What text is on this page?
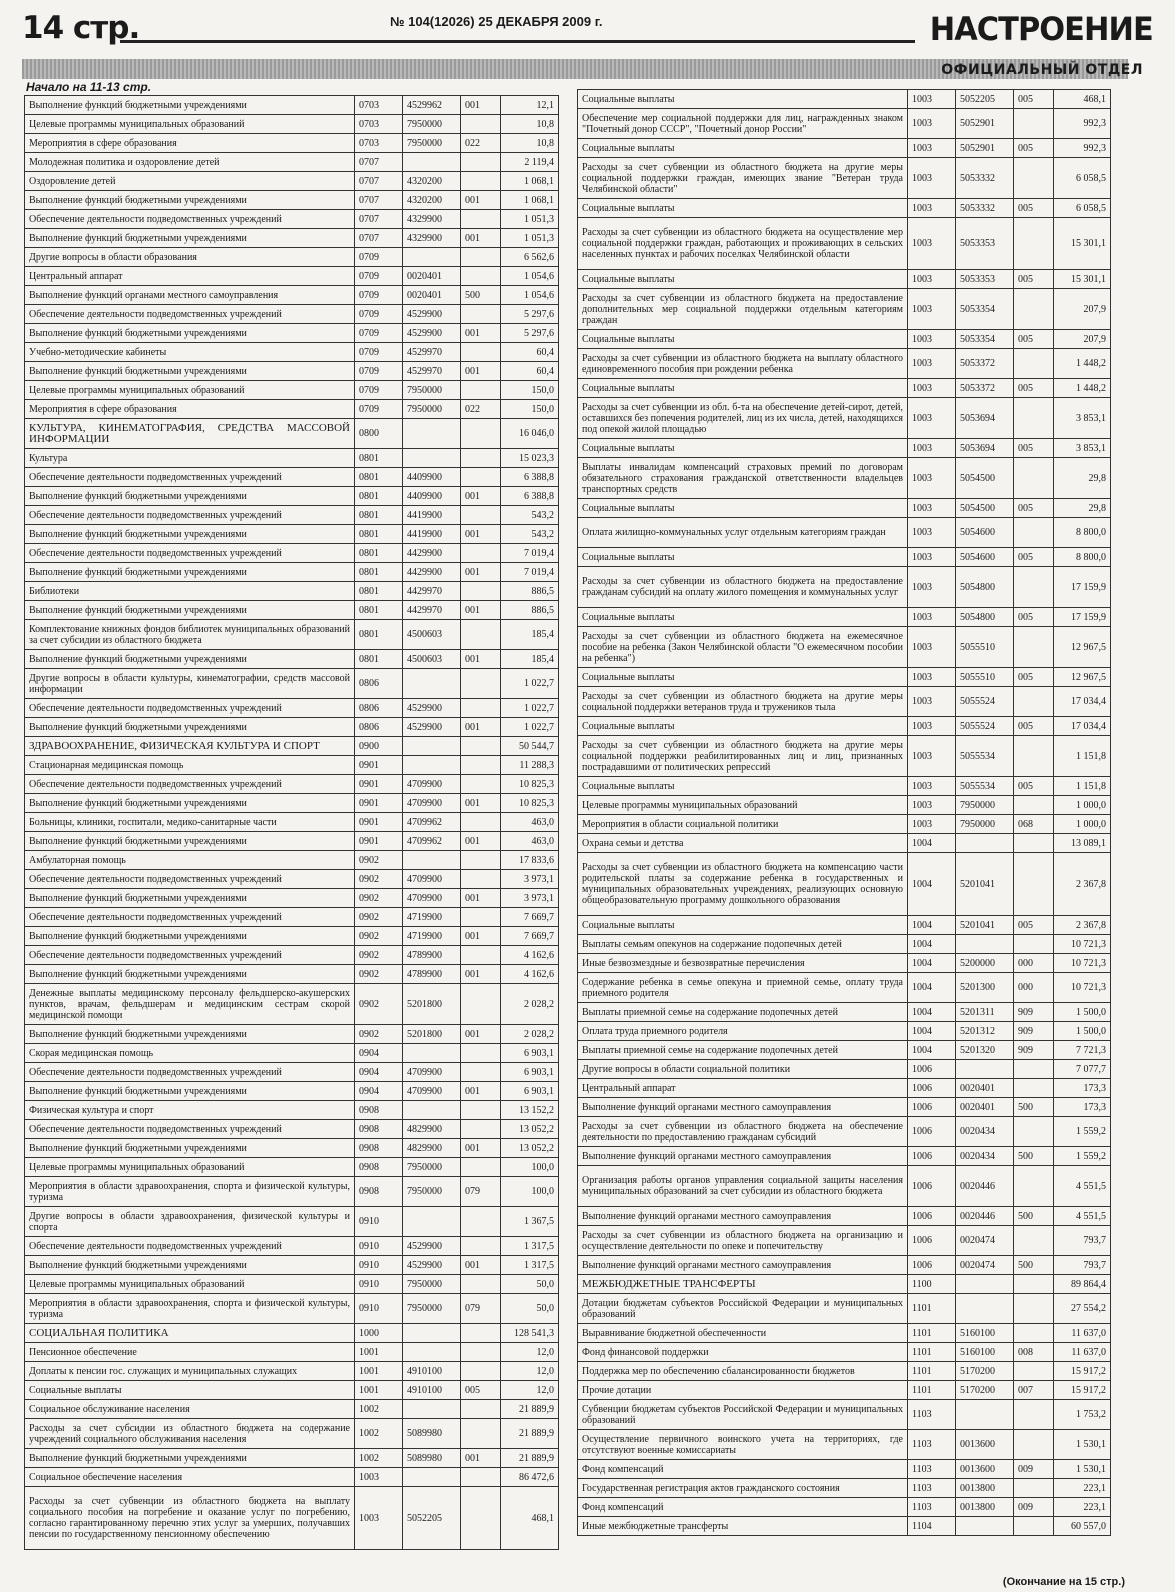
14 стр.	№ 104(12026) 25 ДЕКАБРЯ 2009 г.	НАСТРОЕНИЕ
ОФИЦИАЛЬНЫЙ ОТДЕЛ
Начало на 11-13 стр.
Выполнение функций бюджетными учреждениями	0703	4529962	001	12,1
Целевые программы муниципальных образований	0703	7950000		10,8
Мероприятия в сфере образования	0703	7950000	022	10,8
Молодежная политика и оздоровление детей	0707			2 119,4
Оздоровление детей	0707	4320200		1 068,1
Выполнение функций бюджетными учреждениями	0707	4320200	001	1 068,1
Обеспечение деятельности подведомственных учреждений	0707	4329900		1 051,3
Выполнение функций бюджетными учреждениями	0707	4329900	001	1 051,3
Другие вопросы в области образования	0709			6 562,6
Центральный аппарат	0709	0020401		1 054,6
Выполнение функций органами местного самоуправления	0709	0020401	500	1 054,6
Обеспечение деятельности подведомственных учреждений	0709	4529900		5 297,6
Выполнение функций бюджетными учреждениями	0709	4529900	001	5 297,6
Учебно-методические кабинеты	0709	4529970		60,4
Выполнение функций бюджетными учреждениями	0709	4529970	001	60,4
Целевые программы муниципальных образований	0709	7950000		150,0
Мероприятия в сфере образования	0709	7950000	022	150,0
КУЛЬТУРА, КИНЕМАТОГРАФИЯ, СРЕДСТВА МАССОВОЙ ИНФОРМАЦИИ	0800			16 046,0
Культура	0801			15 023,3
Обеспечение деятельности подведомственных учреждений	0801	4409900		6 388,8
Выполнение функций бюджетными учреждениями	0801	4409900	001	6 388,8
Обеспечение деятельности подведомственных учреждений	0801	4419900		543,2
Выполнение функций бюджетными учреждениями	0801	4419900	001	543,2
Обеспечение деятельности подведомственных учреждений	0801	4429900		7 019,4
Выполнение функций бюджетными учреждениями	0801	4429900	001	7 019,4
Библиотеки	0801	4429970		886,5
Выполнение функций бюджетными учреждениями	0801	4429970	001	886,5
Комплектование книжных фондов библиотек муниципальных образований за счет субсидии из областного бюджета	0801	4500603		185,4
Выполнение функций бюджетными учреждениями	0801	4500603	001	185,4
Другие вопросы в области культуры, кинематографии, средств массовой информации	0806			1 022,7
Обеспечение деятельности подведомственных учреждений	0806	4529900		1 022,7
Выполнение функций бюджетными учреждениями	0806	4529900	001	1 022,7
ЗДРАВООХРАНЕНИЕ, ФИЗИЧЕСКАЯ КУЛЬТУРА И СПОРТ	0900			50 544,7
Стационарная медицинская помощь	0901			11 288,3
Обеспечение деятельности подведомственных учреждений	0901	4709900		10 825,3
Выполнение функций бюджетными учреждениями	0901	4709900	001	10 825,3
Больницы, клиники, госпитали, медико-санитарные части	0901	4709962		463,0
Выполнение функций бюджетными учреждениями	0901	4709962	001	463,0
Амбулаторная помощь	0902			17 833,6
Обеспечение деятельности подведомственных учреждений	0902	4709900		3 973,1
Выполнение функций бюджетными учреждениями	0902	4709900	001	3 973,1
Обеспечение деятельности подведомственных учреждений	0902	4719900		7 669,7
Выполнение функций бюджетными учреждениями	0902	4719900	001	7 669,7
Обеспечение деятельности подведомственных учреждений	0902	4789900		4 162,6
Выполнение функций бюджетными учреждениями	0902	4789900	001	4 162,6
Денежные выплаты медицинскому персоналу фельдшерско-акушерских пунктов, врачам, фельдшерам и медицинским сестрам скорой медицинской помощи	0902	5201800		2 028,2
Выполнение функций бюджетными учреждениями	0902	5201800	001	2 028,2
Скорая медицинская помощь	0904			6 903,1
Обеспечение деятельности подведомственных учреждений	0904	4709900		6 903,1
Выполнение функций бюджетными учреждениями	0904	4709900	001	6 903,1
Физическая культура и спорт	0908			13 152,2
Обеспечение деятельности подведомственных учреждений	0908	4829900		13 052,2
Выполнение функций бюджетными учреждениями	0908	4829900	001	13 052,2
Целевые программы муниципальных образований	0908	7950000		100,0
Мероприятия в области здравоохранения, спорта и физической культуры, туризма	0908	7950000	079	100,0
Другие вопросы в области здравоохранения, физической культуры и спорта	0910			1 367,5
Обеспечение деятельности подведомственных учреждений	0910	4529900		1 317,5
Выполнение функций бюджетными учреждениями	0910	4529900	001	1 317,5
Целевые программы муниципальных образований	0910	7950000		50,0
Мероприятия в области здравоохранения, спорта и физической культуры, туризма	0910	7950000	079	50,0
СОЦИАЛЬНАЯ ПОЛИТИКА	1000			128 541,3
Пенсионное обеспечение	1001			12,0
Доплаты к пенсии гос. служащих и муниципальных служащих	1001	4910100		12,0
Социальные выплаты	1001	4910100	005	12,0
Социальное обслуживание населения	1002			21 889,9
Расходы за счет субсидии из областного бюджета на содержание учреждений социального обслуживания населения	1002	5089980		21 889,9
Выполнение функций бюджетными учреждениями	1002	5089980	001	21 889,9
Социальное обеспечение населения	1003			86 472,6
Расходы за счет субвенции из областного бюджета на выплату социального пособия на погребение и оказание услуг по погребению, согласно гарантированному перечню этих услуг за умерших, получавших пенсии по государственному пенсионному обеспечению	1003	5052205		468,1
Социальные выплаты	1003	5052205	005	468,1
Обеспечение мер социальной поддержки для лиц, награжденных знаком "Почетный донор СССР", "Почетный донор России"	1003	5052901		992,3
Социальные выплаты	1003	5052901	005	992,3
Расходы за счет субвенции из областного бюджета на другие меры социальной поддержки граждан, имеющих звание "Ветеран труда Челябинской области"	1003	5053332		6 058,5
Социальные выплаты	1003	5053332	005	6 058,5
Расходы за счет субвенции из областного бюджета на осуществление мер социальной поддержки граждан, работающих и проживающих в сельских населенных пунктах и рабочих поселках Челябинской области	1003	5053353		15 301,1
Социальные выплаты	1003	5053353	005	15 301,1
Расходы за счет субвенции из областного бюджета на предоставление дополнительных мер социальной поддержки отдельным категориям граждан	1003	5053354		207,9
Социальные выплаты	1003	5053354	005	207,9
Расходы за счет субвенции из областного бюджета на выплату областного единовременного пособия при рождении ребенка	1003	5053372		1 448,2
Социальные выплаты	1003	5053372	005	1 448,2
Расходы за счет субвенции из обл. б-та на обеспечение детей-сирот, детей, оставшихся без попечения родителей, лиц из их числа, детей, находящихся под опекой жилой площадью	1003	5053694		3 853,1
Социальные выплаты	1003	5053694	005	3 853,1
Выплаты инвалидам компенсаций страховых премий по договорам обязательного страхования гражданской ответственности владельцев транспортных средств	1003	5054500		29,8
Социальные выплаты	1003	5054500	005	29,8
Оплата жилищно-коммунальных услуг отдельным категориям граждан	1003	5054600		8 800,0
Социальные выплаты	1003	5054600	005	8 800,0
Расходы за счет субвенции из областного бюджета на предоставление гражданам субсидий на оплату жилого помещения и коммунальных услуг	1003	5054800		17 159,9
Социальные выплаты	1003	5054800	005	17 159,9
Расходы за счет субвенции из областного бюджета на ежемесячное пособие на ребенка (Закон Челябинской области "О ежемесячном пособии на ребенка")	1003	5055510		12 967,5
Социальные выплаты	1003	5055510	005	12 967,5
Расходы за счет субвенции из областного бюджета на другие меры социальной поддержки ветеранов труда и тружеников тыла	1003	5055524		17 034,4
Социальные выплаты	1003	5055524	005	17 034,4
Расходы за счет субвенции из областного бюджета на другие меры социальной поддержки реабилитированных лиц и лиц, признанных пострадавшими от политических репрессий	1003	5055534		1 151,8
Социальные выплаты	1003	5055534	005	1 151,8
Целевые программы муниципальных образований	1003	7950000		1 000,0
Мероприятия в области социальной политики	1003	7950000	068	1 000,0
Охрана семьи и детства	1004			13 089,1
Расходы за счет субвенции из областного бюджета на компенсацию части родительской платы за содержание ребенка в государственных и муниципальных образовательных учреждениях, реализующих основную общеобразовательную программу дошкольного образования	1004	5201041		2 367,8
Социальные выплаты	1004	5201041	005	2 367,8
Выплаты семьям опекунов на содержание подопечных детей	1004			10 721,3
Иные безвозмездные и безвозвратные перечисления	1004	5200000	000	10 721,3
Содержание ребенка в семье опекуна и приемной семье, оплату труда приемного родителя	1004	5201300	000	10 721,3
Выплаты приемной семье на содержание подопечных детей	1004	5201311	909	1 500,0
Оплата труда приемного родителя	1004	5201312	909	1 500,0
Выплаты приемной семье на содержание подопечных детей	1004	5201320	909	7 721,3
Другие вопросы в области социальной политики	1006			7 077,7
Центральный аппарат	1006	0020401		173,3
Выполнение функций органами местного самоуправления	1006	0020401	500	173,3
Расходы за счет субвенции из областного бюджета на обеспечение деятельности по предоставлению гражданам субсидий	1006	0020434		1 559,2
Выполнение функций органами местного самоуправления	1006	0020434	500	1 559,2
Организация работы органов управления социальной защиты населения муниципальных образований за счет субсидии из областного бюджета	1006	0020446		4 551,5
Выполнение функций органами местного самоуправления	1006	0020446	500	4 551,5
Расходы за счет субвенции из областного бюджета на организацию и осуществление деятельности по опеке и попечительству	1006	0020474		793,7
Выполнение функций органами местного самоуправления	1006	0020474	500	793,7
МЕЖБЮДЖЕТНЫЕ ТРАНСФЕРТЫ	1100			89 864,4
Дотации бюджетам субъектов Российской Федерации и муниципальных образований	1101			27 554,2
Выравнивание бюджетной обеспеченности	1101	5160100		11 637,0
Фонд финансовой поддержки	1101	5160100	008	11 637,0
Поддержка мер по обеспечению сбалансированности бюджетов	1101	5170200		15 917,2
Прочие дотации	1101	5170200	007	15 917,2
Субвенции бюджетам субъектов Российской Федерации и муниципальных образований	1103			1 753,2
Осуществление первичного воинского учета на территориях, где отсутствуют военные комиссариаты	1103	0013600		1 530,1
Фонд компенсаций	1103	0013600	009	1 530,1
Государственная регистрация актов гражданского состояния	1103	0013800		223,1
Фонд компенсаций	1103	0013800	009	223,1
Иные межбюджетные трансферты	1104			60 557,0
(Окончание на 15 стр.)
